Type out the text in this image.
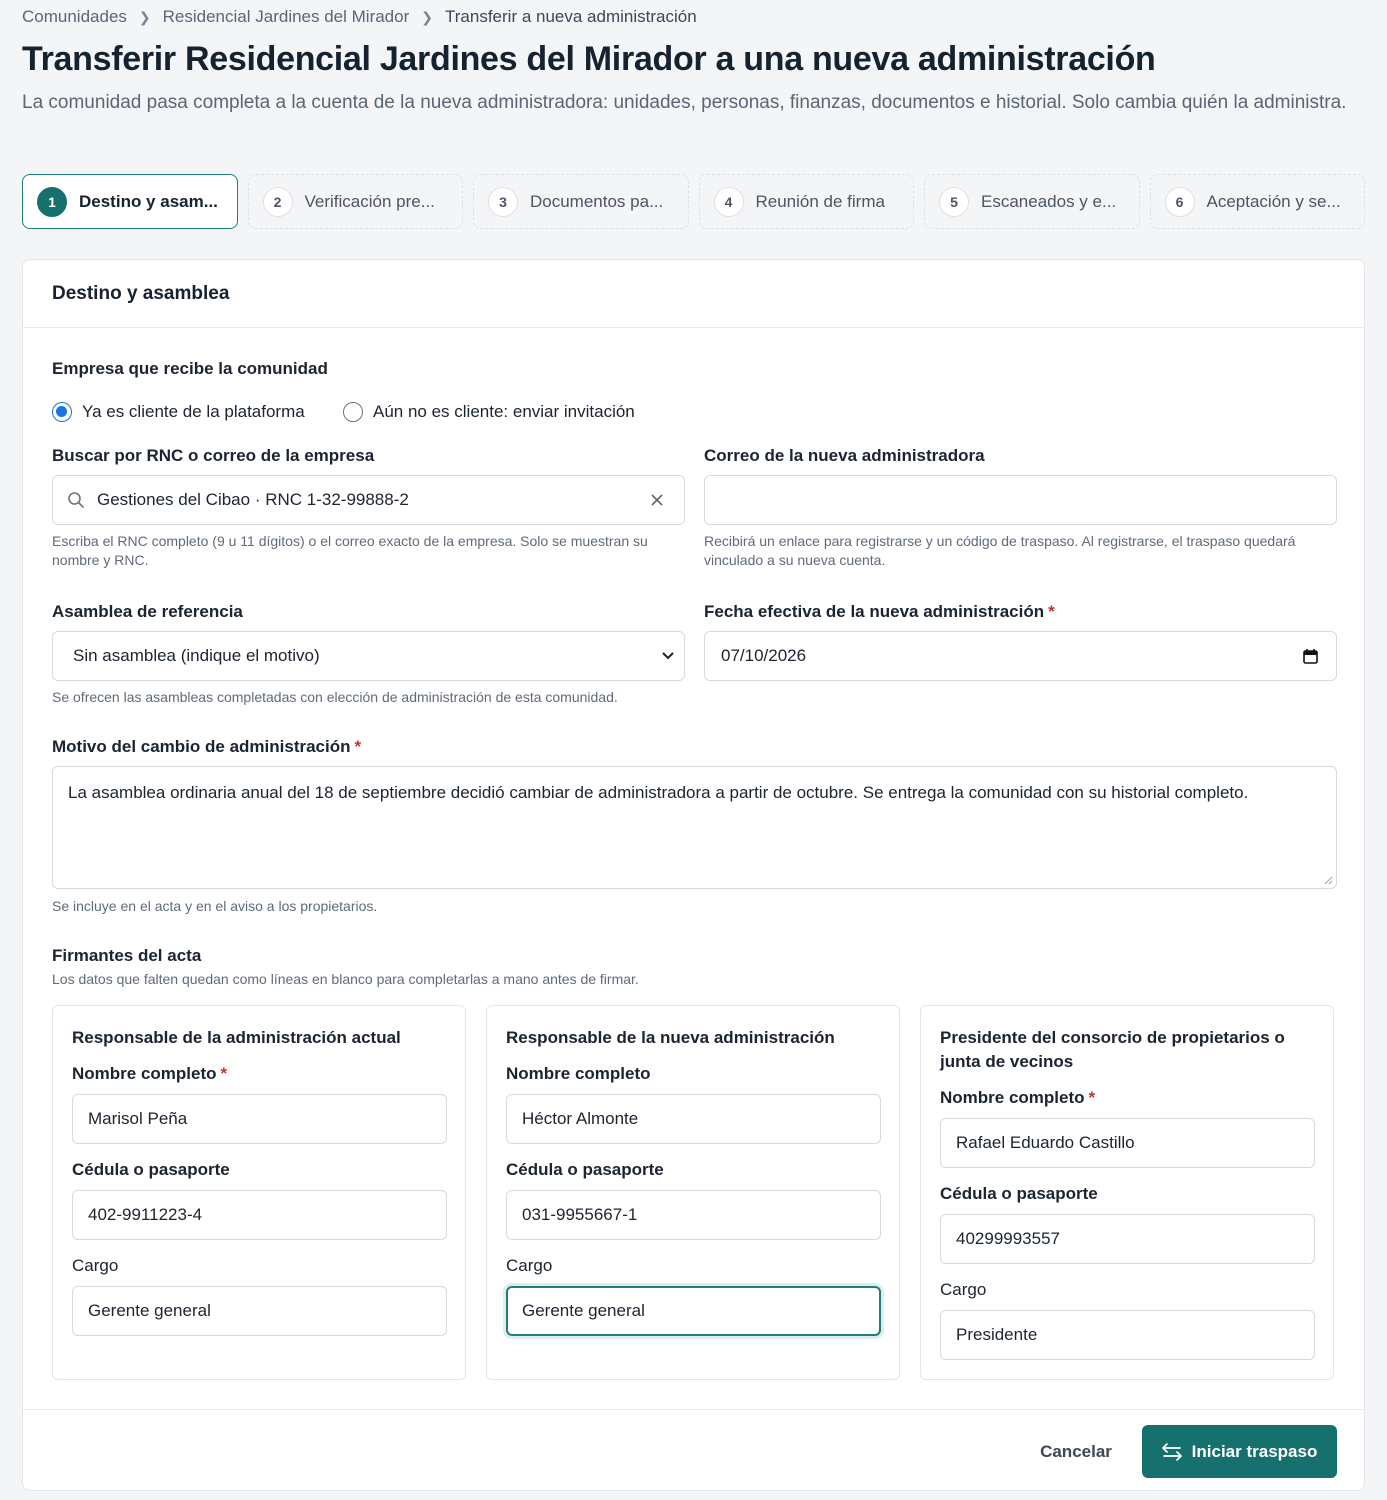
Comunidades ❯ Residencial Jardines del Mirador ❯ Transferir a nueva administración
Transferir Residencial Jardines del Mirador a una nueva administración

La comunidad pasa completa a la cuenta de la nueva administradora: unidades, personas, finanzas, documentos e historial. Solo cambia quién la administra.

1	Destino y asam...	2	Verificación pre...	3	Documentos pa...	4	Reunión de firma	5	Escaneados y e...	6	Aceptación y se...
Destino y asamblea
Empresa que recibe la comunidad
Ya es cliente de la plataforma	Aún no es cliente: enviar invitación
Buscar por RNC o correo de la empresa
Gestiones del Cibao · RNC 1-32-99888-2
Escriba el RNC completo (9 u 11 dígitos) o el correo exacto de la empresa. Solo se muestran su nombre y RNC.
Correo de la nueva administradora
Recibirá un enlace para registrarse y un código de traspaso. Al registrarse, el traspaso quedará vinculado a su nueva cuenta.
Asamblea de referencia
Sin asamblea (indique el motivo)
Se ofrecen las asambleas completadas con elección de administración de esta comunidad.
Fecha efectiva de la nueva administración *
07/10/2026
Motivo del cambio de administración *
La asamblea ordinaria anual del 18 de septiembre decidió cambiar de administradora a partir de octubre. Se entrega la comunidad con su historial completo.
Se incluye en el acta y en el aviso a los propietarios.
Firmantes del acta
Los datos que falten quedan como líneas en blanco para completarlas a mano antes de firmar.
Responsable de la administración actual
Nombre completo *
Marisol Peña
Cédula o pasaporte
402-9911223-4
Cargo
Gerente general
Responsable de la nueva administración
Nombre completo
Héctor Almonte
Cédula o pasaporte
031-9955667-1
Cargo
Gerente general
Presidente del consorcio de propietarios o junta de vecinos
Nombre completo *
Rafael Eduardo Castillo
Cédula o pasaporte
40299993557
Cargo
Presidente
Cancelar	Iniciar traspaso
